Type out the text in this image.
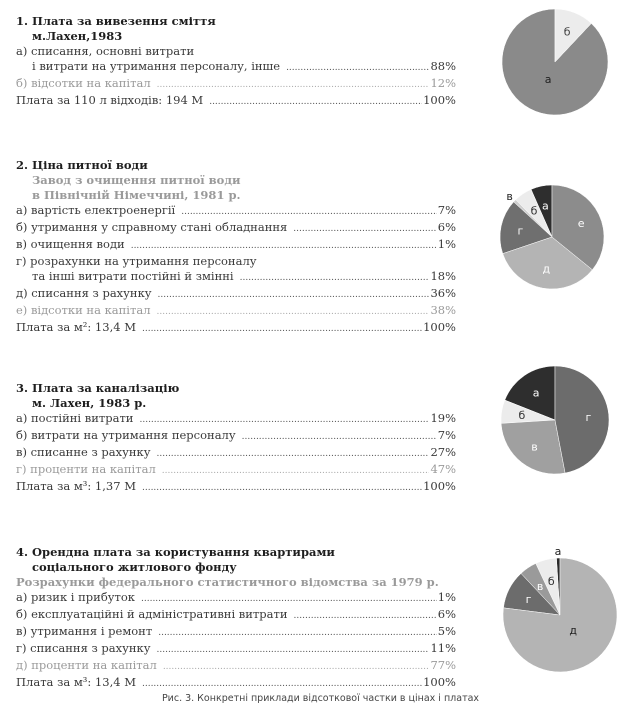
1. Плата за вивезення сміття
м.Лахен,1983
а) списання, основні витрати
і витрати на утримання персоналу, інше .....	88%
б) відсотки на капітал .....	12%
Плата за 110 л відходів: 194 М .....	100%
2. Ціна питної води
Завод з очищення питної води
в Північній Німеччині, 1981 р.
а) вартість електроенергії .....	7%
б) утримання у справному стані обладнання .....	6%
в) очищення води .....	1%
г) розрахунки на утримання персоналу
та інші витрати постійні й змінні .....	18%
д) списання з рахунку .....	36%
е) відсотки на капітал .....	38%
Плата за м²: 13,4 М .....	100%
3. Плата за каналізацію
м. Лахен, 1983 р.
а) постійні витрати .....	19%
б) витрати на утримання персоналу .....	7%
в) списанне з рахунку .....	27%
г) проценти на капітал .....	47%
Плата за м³: 1,37 М .....	100%
4. Орендна плата за користування квартирами
соціального житлового фонду
Розрахунки федерального статистичного відомства за 1979 р.
а) ризик і прибуток .....	1%
б) експлуатаційні й адміністративні витрати .....	6%
в) утримання і ремонт .....	5%
г) списання з рахунку .....	11%
д) проценти на капітал .....	77%
Плата за м³: 13,4 М .....	100%
а
б
а
б
в
г
д
е
а
б
в
г
а
б
в
г
д
Рис. 3. Конкретні приклади відсоткової частки в цінах і платах
